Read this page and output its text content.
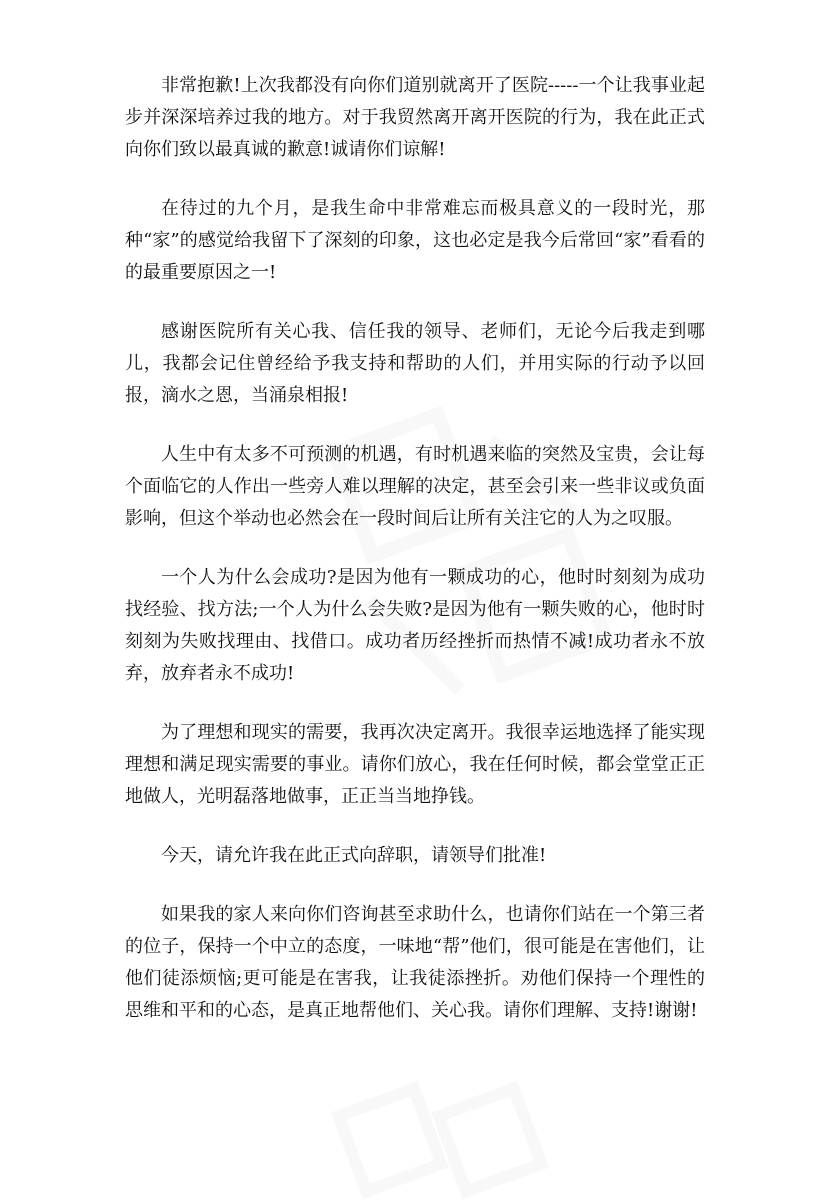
非常抱歉!上次我都没有向你们道别就离开了医院-----一个让我事业起步并深深培养过我的地方。对于我贸然离开离开医院的行为，我在此正式向你们致以最真诚的歉意!诚请你们谅解!

在待过的九个月，是我生命中非常难忘而极具意义的一段时光，那种“家”的感觉给我留下了深刻的印象，这也必定是我今后常回“家”看看的的最重要原因之一!

感谢医院所有关心我、信任我的领导、老师们，无论今后我走到哪儿，我都会记住曾经给予我支持和帮助的人们，并用实际的行动予以回报，滴水之恩，当涌泉相报!

人生中有太多不可预测的机遇，有时机遇来临的突然及宝贵，会让每个面临它的人作出一些旁人难以理解的决定，甚至会引来一些非议或负面影响，但这个举动也必然会在一段时间后让所有关注它的人为之叹服。

一个人为什么会成功?是因为他有一颗成功的心，他时时刻刻为成功找经验、找方法;一个人为什么会失败?是因为他有一颗失败的心，他时时刻刻为失败找理由、找借口。成功者历经挫折而热情不减!成功者永不放弃，放弃者永不成功!

为了理想和现实的需要，我再次决定离开。我很幸运地选择了能实现理想和满足现实需要的事业。请你们放心，我在任何时候，都会堂堂正正地做人，光明磊落地做事，正正当当地挣钱。

今天，请允许我在此正式向辞职，请领导们批准!

如果我的家人来向你们咨询甚至求助什么，也请你们站在一个第三者的位子，保持一个中立的态度，一味地“帮”他们，很可能是在害他们，让他们徒添烦恼;更可能是在害我，让我徒添挫折。劝他们保持一个理性的思维和平和的心态，是真正地帮他们、关心我。请你们理解、支持!谢谢!
